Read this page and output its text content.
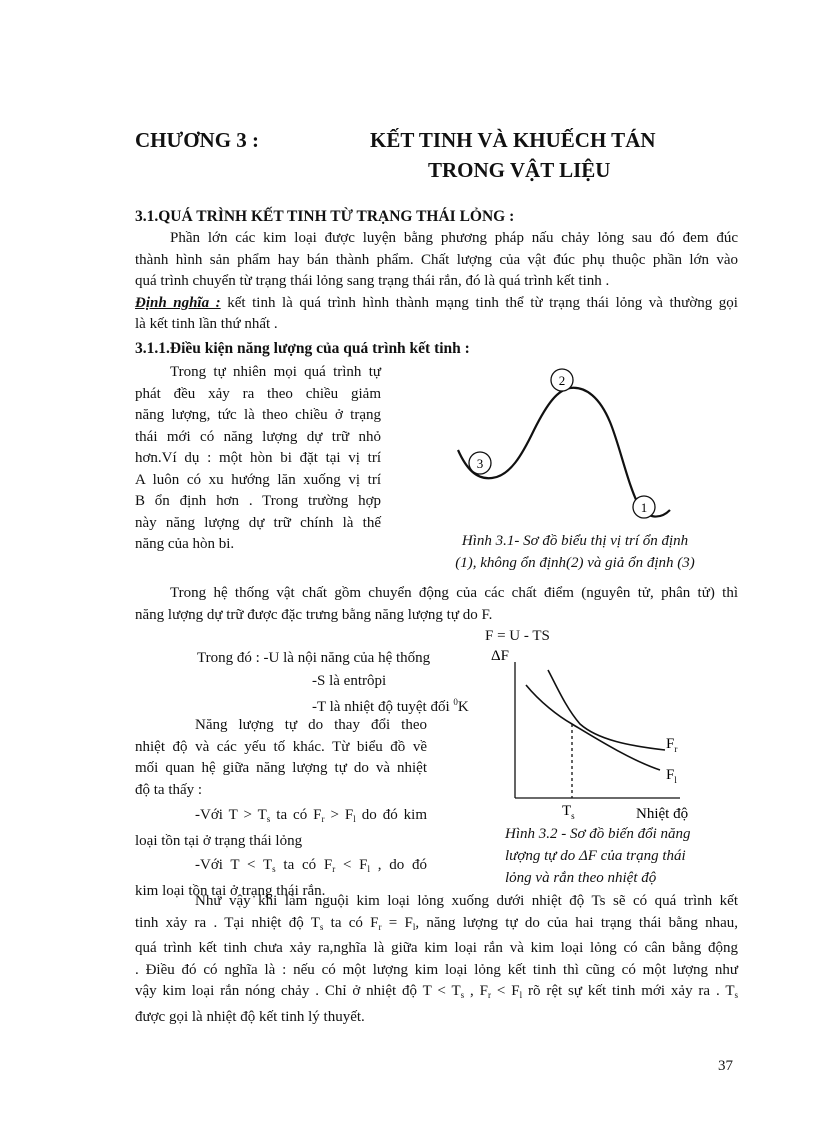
CHƯƠNG 3 :	KẾT TINH VÀ KHUẾCH TÁN
TRONG VẬT LIỆU
3.1.QUÁ TRÌNH KẾT TINH TỪ TRẠNG THÁI LỎNG :
Phần lớn các kim loại được luyện bằng phương pháp nấu chảy lỏng sau đó đem đúc
thành hình sản phẩm hay bán thành phẩm. Chất lượng của vật đúc phụ thuộc phần lớn vào
quá trình chuyển từ trạng thái lỏng sang trạng thái rắn, đó là quá trình kết tinh .
Định nghĩa : kết tinh là quá trình hình thành mạng tinh thể từ trạng thái lỏng và thường gọi
là kết tinh lần thứ nhất .
3.1.1.Điều kiện năng lượng của quá trình kết tinh :
Trong tự nhiên mọi quá trình tự
phát đều xảy ra theo chiều giảm
năng lượng, tức là theo chiều ở trạng
thái mới có năng lượng dự trữ nhỏ
hơn.Ví dụ : một hòn bi đặt tại vị trí
A luôn có xu hướng lăn xuống vị trí
B ổn định hơn . Trong trường hợp
này năng lượng dự trữ chính là thế
năng của hòn bi.
3
2
1
Hình 3.1- Sơ đồ biểu thị vị trí ổn định
(1), không ổn định(2) và giả ổn định (3)
Trong hệ thống vật chất gồm chuyển động của các chất điểm (nguyên tử, phân tử) thì
năng lượng dự trữ được đặc trưng bằng năng lượng tự do F.
F = U - TS
Trong đó : -U là nội năng của hệ thống
-S là entrôpi
-T là nhiệt độ tuyệt đối $^0$K
Năng lượng tự do thay đổi theo
nhiệt độ và các yếu tố khác. Từ biểu đồ về
mối quan hệ giữa năng lượng tự do và nhiệt
độ ta thấy :
-Với $T > T_s$ ta có $F_r > F_l$ do đó kim
loại tồn tại ở trạng thái lỏng
-Với $T < T_s$ ta có $F_r < F_l$ , do đó
kim loại tồn tại ở trạng thái rắn.
ΔF
$F_r$
$F_l$
$T_s$	Nhiệt độ
Hình 3.2 - Sơ đồ biến đổi năng
lượng tự do ΔF của trạng thái
lỏng và rắn theo nhiệt độ
Như vậy khi làm nguội kim loại lỏng xuống dưới nhiệt độ Ts sẽ có quá trình kết
tinh xảy ra . Tại nhiệt độ $T_s$ ta có $F_r = F_l$, năng lượng tự do của hai trạng thái bằng nhau,
quá trình kết tinh chưa xảy ra,nghĩa là giữa kim loại rắn và kim loại lỏng có cân bằng động
. Điều đó có nghĩa là : nếu có một lượng kim loại lỏng kết tinh thì cũng có một lượng như
vậy kim loại rắn nóng chảy . Chỉ ở nhiệt độ $T < T_s$ , $F_r < F_l$ rõ rệt sự kết tinh mới xảy ra . $T_s$
được gọi là nhiệt độ kết tinh lý thuyết.
37
